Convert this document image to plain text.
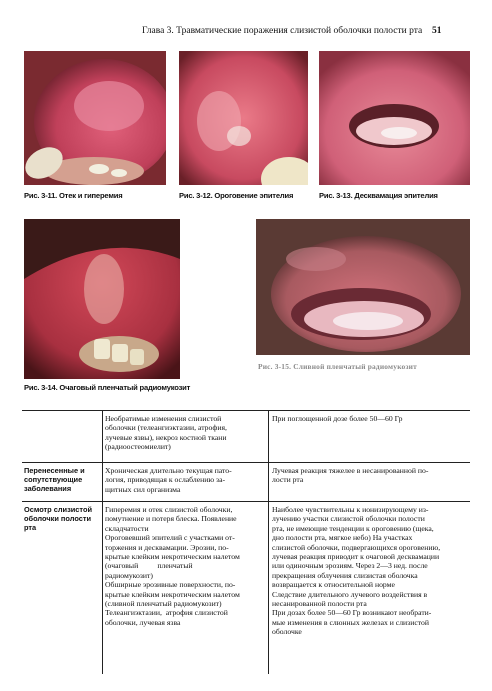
Глава 3. Травматические поражения слизистой оболочки полости рта 51
Рис. 3-11. Отек и гиперемия	Рис. 3-12. Ороговение эпителия	Рис. 3-13. Десквамация эпителия
Рис. 3-14. Очаговый пленчатый радиомукозит
Рис. 3-15. Сливной пленчатый радиомукозит
Необратимые изменения слизистой
оболочки (телеангиэктазии, атрофия,
лучевые язвы), некроз костной ткани
(радиоостеомиелит)
При поглощенной дозе более 50—60 Гр
Перенесенные и
сопутствующие
заболевания
Хроническая длительно текущая пато-
логия, приводящая к ослаблению за-
щитных сил организма
Лучевая реакция тяжелее в несанированной по-
лости рта
Осмотр слизистой
оболочки полости
рта
Гиперемия и отек слизистой оболочки,
помутнение и потеря блеска. Появление
складчатости
Ороговевший эпителий с участками от-
торжения и десквамации. Эрозии, по-
крытые клейким некротическим налетом
(очаговый          пленчатый
радиомукозит)
Обширные эрозивные поверхности, по-
крытые клейким некротическим налетом
(сливной пленчатый радиомукозит)
Телеангиэктазии,  атрофия слизистой
оболочки, лучевая язва
Наиболее чувствительны к ионизирующему из-
лучению участки слизистой оболочки полости
рта, не имеющие тенденции к ороговению (щека,
дно полости рта, мягкое небо) На участках
слизистой оболочки, подвергающихся ороговению,
лучевая реакция приводит к очаговой десквамации
или одиночным эрозиям. Через 2—3 нед. после
прекращения облучения слизистая оболочка
возвращается к относительной норме
Следствие длительного лучевого воздействия в
несанированной полости рта
При дозах более 50—60 Гр возникают необрати-
мые изменения в слюнных железах и слизистой
оболочке
